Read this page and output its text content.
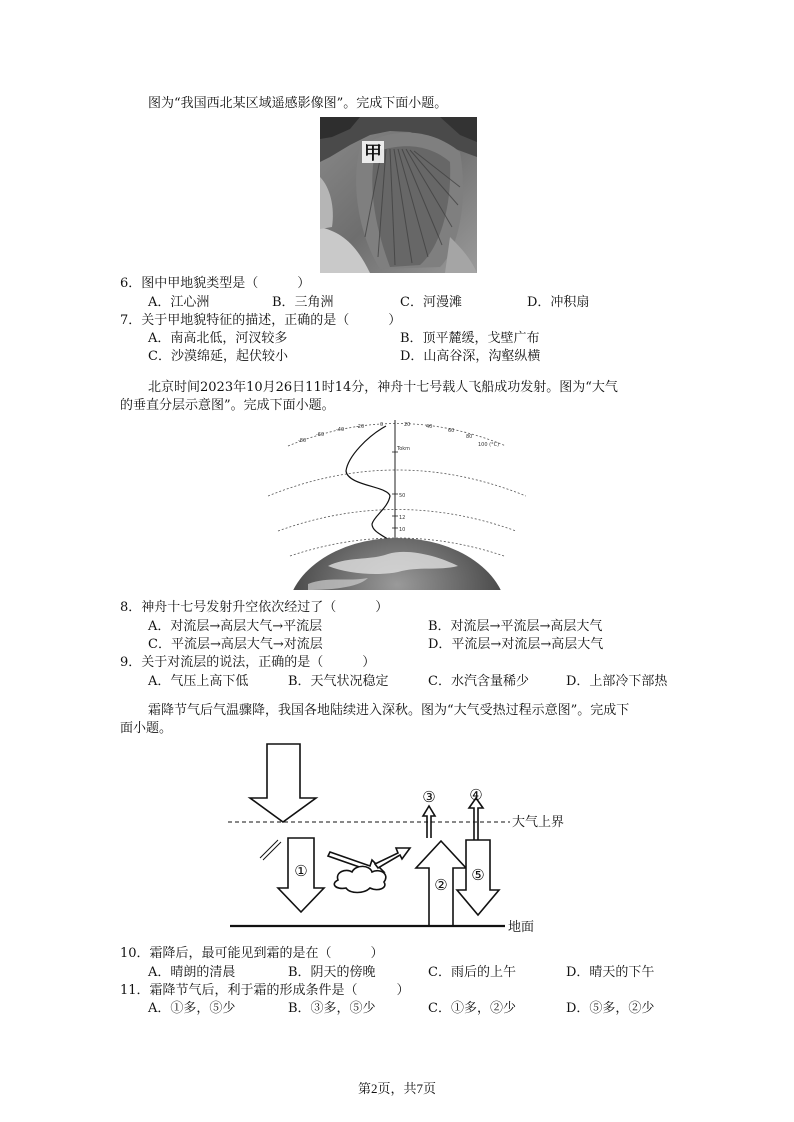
图为“我国西北某区域遥感影像图”。完成下面小题。
甲
6．图中甲地貌类型是（　　　）
A．江心洲	B．三角洲	C．河漫滩	D．冲积扇
7．关于甲地貌特征的描述，正确的是（　　　）
A．南高北低，河汊较多	B．顶平麓缓，戈壁广布
C．沙漠绵延，起伏较小	D．山高谷深，沟壑纵横
北京时间2023年10月26日11时14分，神舟十七号载人飞船成功发射。图为“大气
的垂直分层示意图”。完成下面小题。
-80
-60
-40 -20	0	20	40
60
80
100 (°C)
Tokm
50
12
10
8．神舟十七号发射升空依次经过了（　　　）
A．对流层→高层大气→平流层	B．对流层→平流层→高层大气
C．平流层→高层大气→对流层	D．平流层→对流层→高层大气
9．关于对流层的说法，正确的是（　　　）
A．气压上高下低	B．天气状况稳定	C．水汽含量稀少	D．上部冷下部热
霜降节气后气温骤降，我国各地陆续进入深秋。图为“大气受热过程示意图”。完成下
面小题。
①
③
②
④
⑤
大气上界
地面
10．霜降后，最可能见到霜的是在（　　　）
A．晴朗的清晨	B．阴天的傍晚	C．雨后的上午	D．晴天的下午
11．霜降节气后，利于霜的形成条件是（　　　）
A．①多，⑤少	B．③多，⑤少	C．①多，②少	D．⑤多，②少
第2页，共7页
